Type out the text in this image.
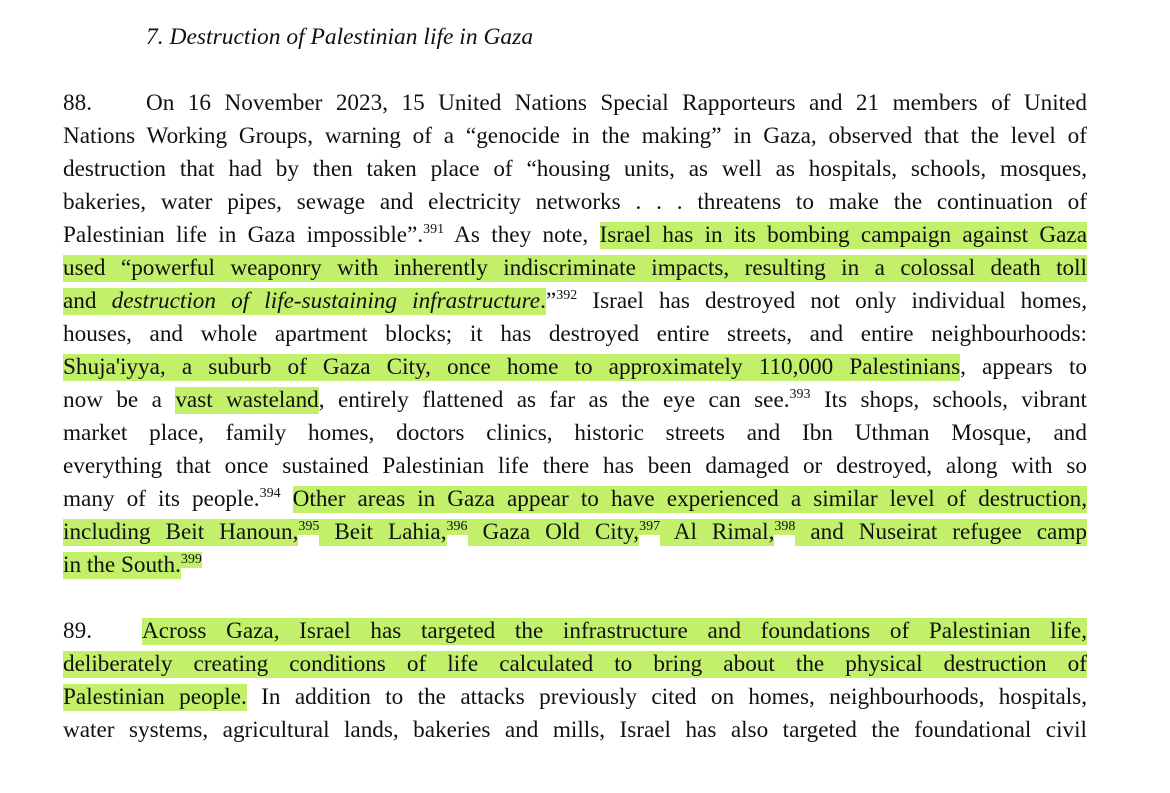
7. Destruction of Palestinian life in Gaza
88. On 16 November 2023, 15 United Nations Special Rapporteurs and 21 members of United
Nations Working Groups, warning of a “genocide in the making” in Gaza, observed that the level of
destruction that had by then taken place of “housing units, as well as hospitals, schools, mosques,
bakeries, water pipes, sewage and electricity networks . . . threatens to make the continuation of
Palestinian life in Gaza impossible”.$^{391}$ As they note, Israel has in its bombing campaign against Gaza
used “powerful weaponry with inherently indiscriminate impacts, resulting in a colossal death toll
and destruction of life-sustaining infrastructure.”$^{392}$ Israel has destroyed not only individual homes,
houses, and whole apartment blocks; it has destroyed entire streets, and entire neighbourhoods:
Shuja'iyya, a suburb of Gaza City, once home to approximately 110,000 Palestinians, appears to
now be a vast wasteland, entirely flattened as far as the eye can see.$^{393}$ Its shops, schools, vibrant
market place, family homes, doctors clinics, historic streets and Ibn Uthman Mosque, and
everything that once sustained Palestinian life there has been damaged or destroyed, along with so
many of its people.$^{394}$ Other areas in Gaza appear to have experienced a similar level of destruction,
including Beit Hanoun,$^{395}$ Beit Lahia,$^{396}$ Gaza Old City,$^{397}$ Al Rimal,$^{398}$ and Nuseirat refugee camp
in the South.$^{399}$
89. Across Gaza, Israel has targeted the infrastructure and foundations of Palestinian life,
deliberately creating conditions of life calculated to bring about the physical destruction of
Palestinian people. In addition to the attacks previously cited on homes, neighbourhoods, hospitals,
water systems, agricultural lands, bakeries and mills, Israel has also targeted the foundational civil
